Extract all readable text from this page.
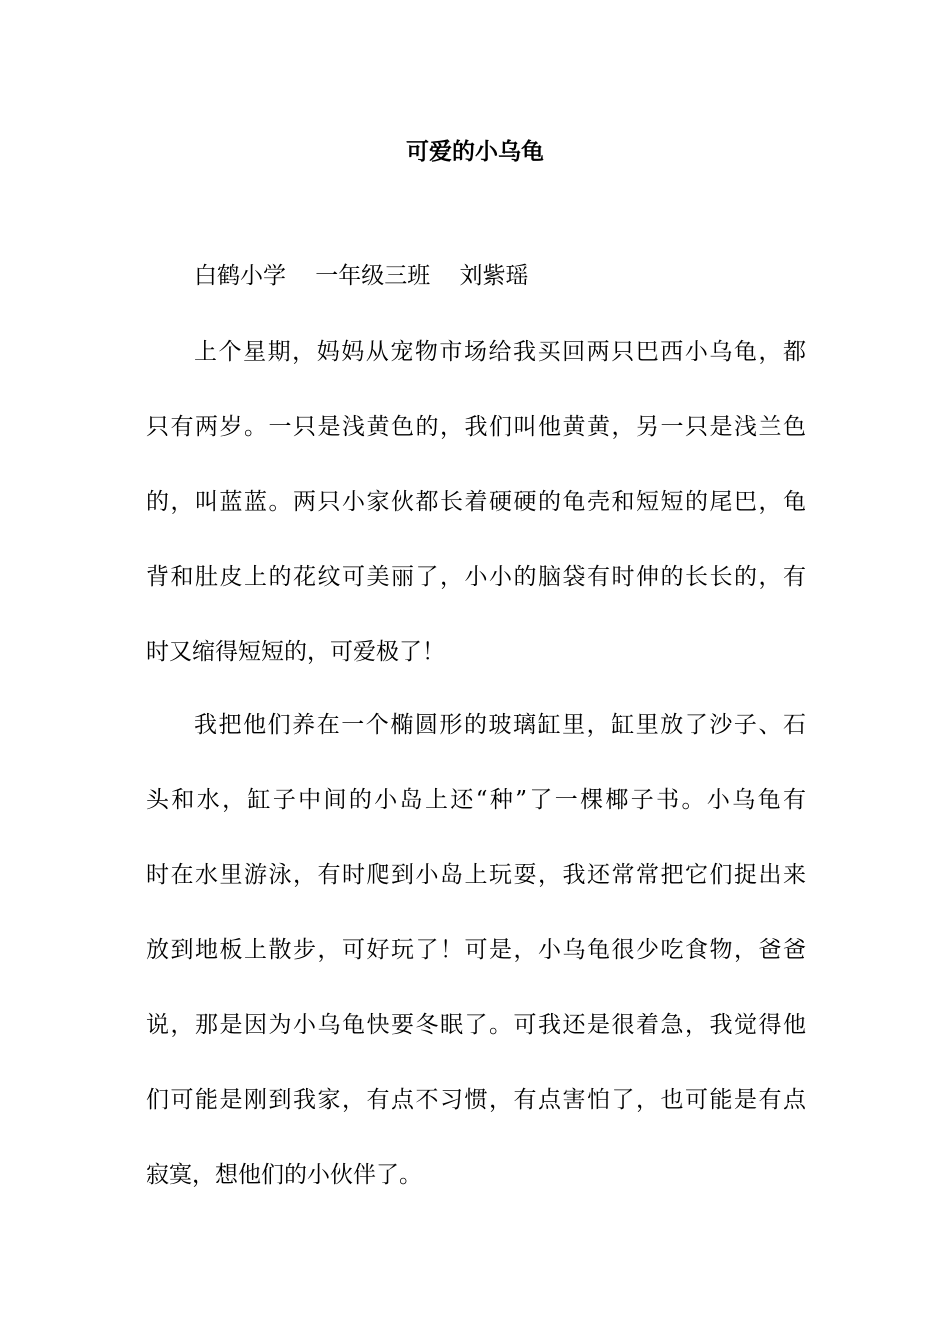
可爱的小乌龟
白鹤小学    一年级三班    刘紫瑶
上个星期，妈妈从宠物市场给我买回两只巴西小乌龟，都
只有两岁。一只是浅黄色的，我们叫他黄黄，另一只是浅兰色
的，叫蓝蓝。两只小家伙都长着硬硬的龟壳和短短的尾巴，龟
背和肚皮上的花纹可美丽了，小小的脑袋有时伸的长长的，有
时又缩得短短的，可爱极了！
我把他们养在一个椭圆形的玻璃缸里，缸里放了沙子、石
头和水，缸子中间的小岛上还“种”了一棵椰子书。小乌龟有
时在水里游泳，有时爬到小岛上玩耍，我还常常把它们捉出来
放到地板上散步，可好玩了！可是，小乌龟很少吃食物，爸爸
说，那是因为小乌龟快要冬眠了。可我还是很着急，我觉得他
们可能是刚到我家，有点不习惯，有点害怕了，也可能是有点
寂寞，想他们的小伙伴了。
